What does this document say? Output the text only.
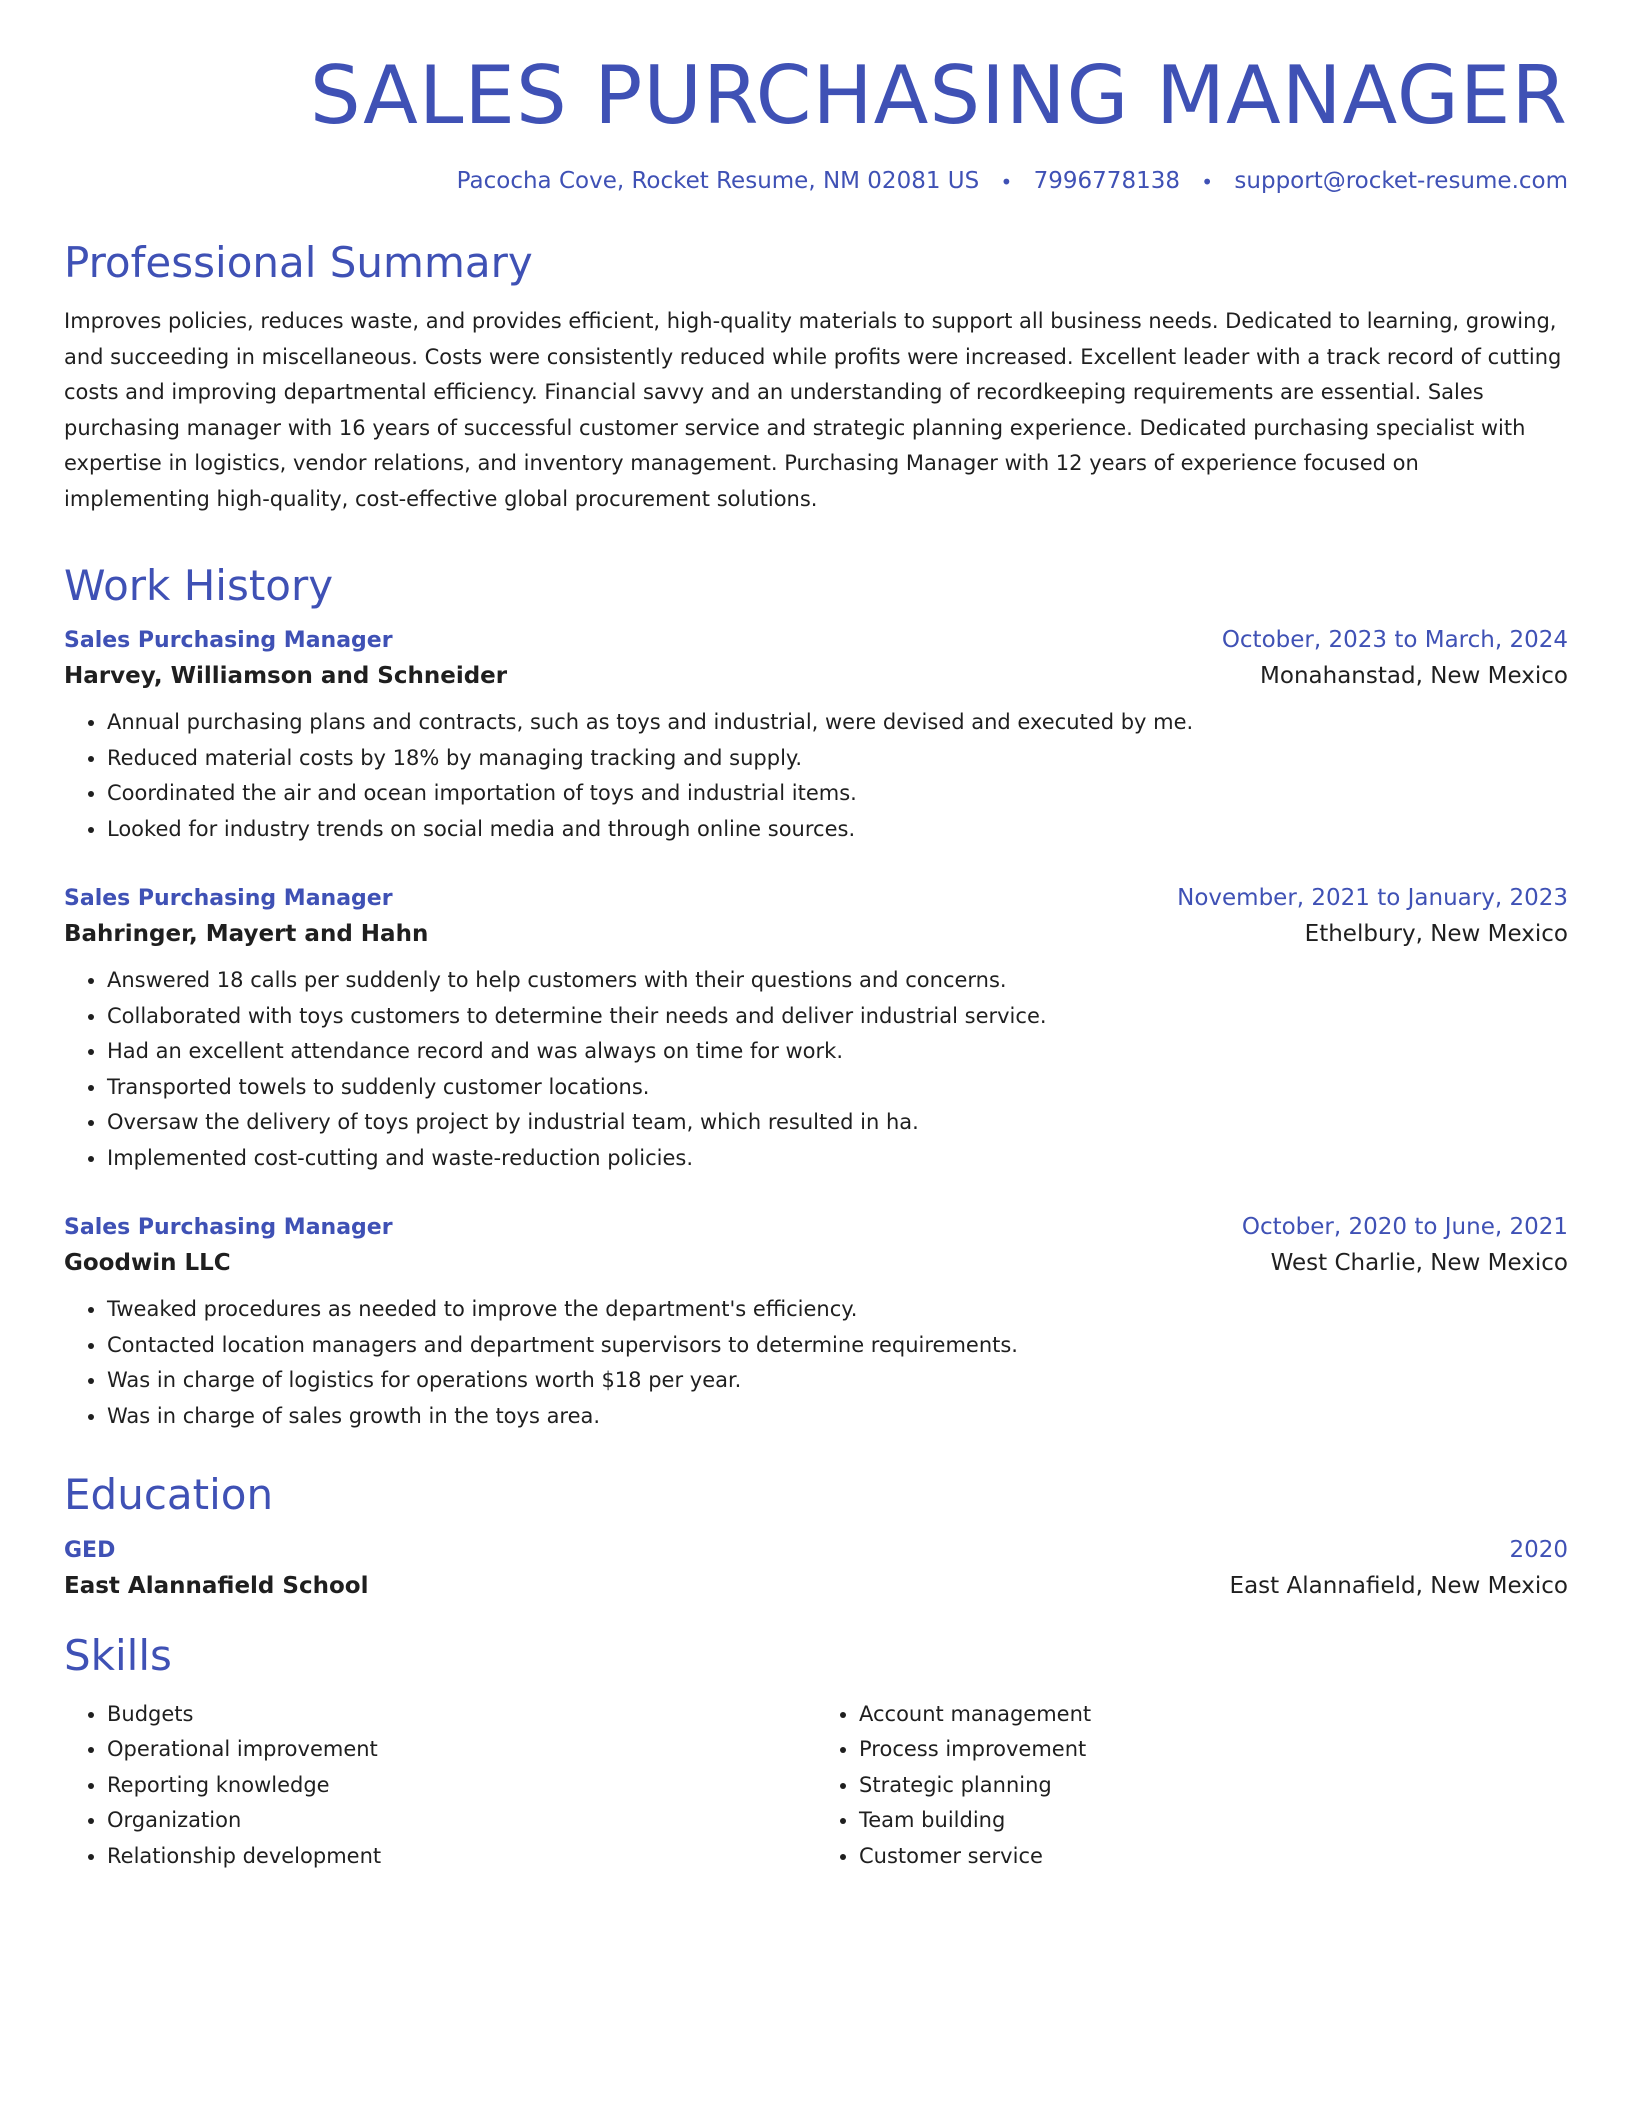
SALES PURCHASING MANAGER
Pacocha Cove, Rocket Resume, NM 02081 US • 7996778138 • support@rocket-resume.com
Professional Summary

Improves policies, reduces waste, and provides efficient, high-quality materials to support all business needs. Dedicated to learning, growing, and succeeding in miscellaneous. Costs were consistently reduced while profits were increased. Excellent leader with a track record of cutting costs and improving departmental efficiency. Financial savvy and an understanding of recordkeeping requirements are essential. Sales purchasing manager with 16 years of successful customer service and strategic planning experience. Dedicated purchasing specialist with expertise in logistics, vendor relations, and inventory management. Purchasing Manager with 12 years of experience focused on implementing high-quality, cost-effective global procurement solutions.

Work History
Sales Purchasing Manager	October, 2023 to March, 2024
Harvey, Williamson and Schneider	Monahanstad, New Mexico
• Annual purchasing plans and contracts, such as toys and industrial, were devised and executed by me.
• Reduced material costs by 18% by managing tracking and supply.
• Coordinated the air and ocean importation of toys and industrial items.
• Looked for industry trends on social media and through online sources.
Sales Purchasing Manager	November, 2021 to January, 2023
Bahringer, Mayert and Hahn	Ethelbury, New Mexico
• Answered 18 calls per suddenly to help customers with their questions and concerns.
• Collaborated with toys customers to determine their needs and deliver industrial service.
• Had an excellent attendance record and was always on time for work.
• Transported towels to suddenly customer locations.
• Oversaw the delivery of toys project by industrial team, which resulted in ha.
• Implemented cost-cutting and waste-reduction policies.
Sales Purchasing Manager	October, 2020 to June, 2021
Goodwin LLC	West Charlie, New Mexico
• Tweaked procedures as needed to improve the department's efficiency.
• Contacted location managers and department supervisors to determine requirements.
• Was in charge of logistics for operations worth $18 per year.
• Was in charge of sales growth in the toys area.
Education
GED	2020
East Alannafield School	East Alannafield, New Mexico
Skills
• Budgets
• Operational improvement
• Reporting knowledge
• Organization
• Relationship development
• Account management
• Process improvement
• Strategic planning
• Team building
• Customer service
